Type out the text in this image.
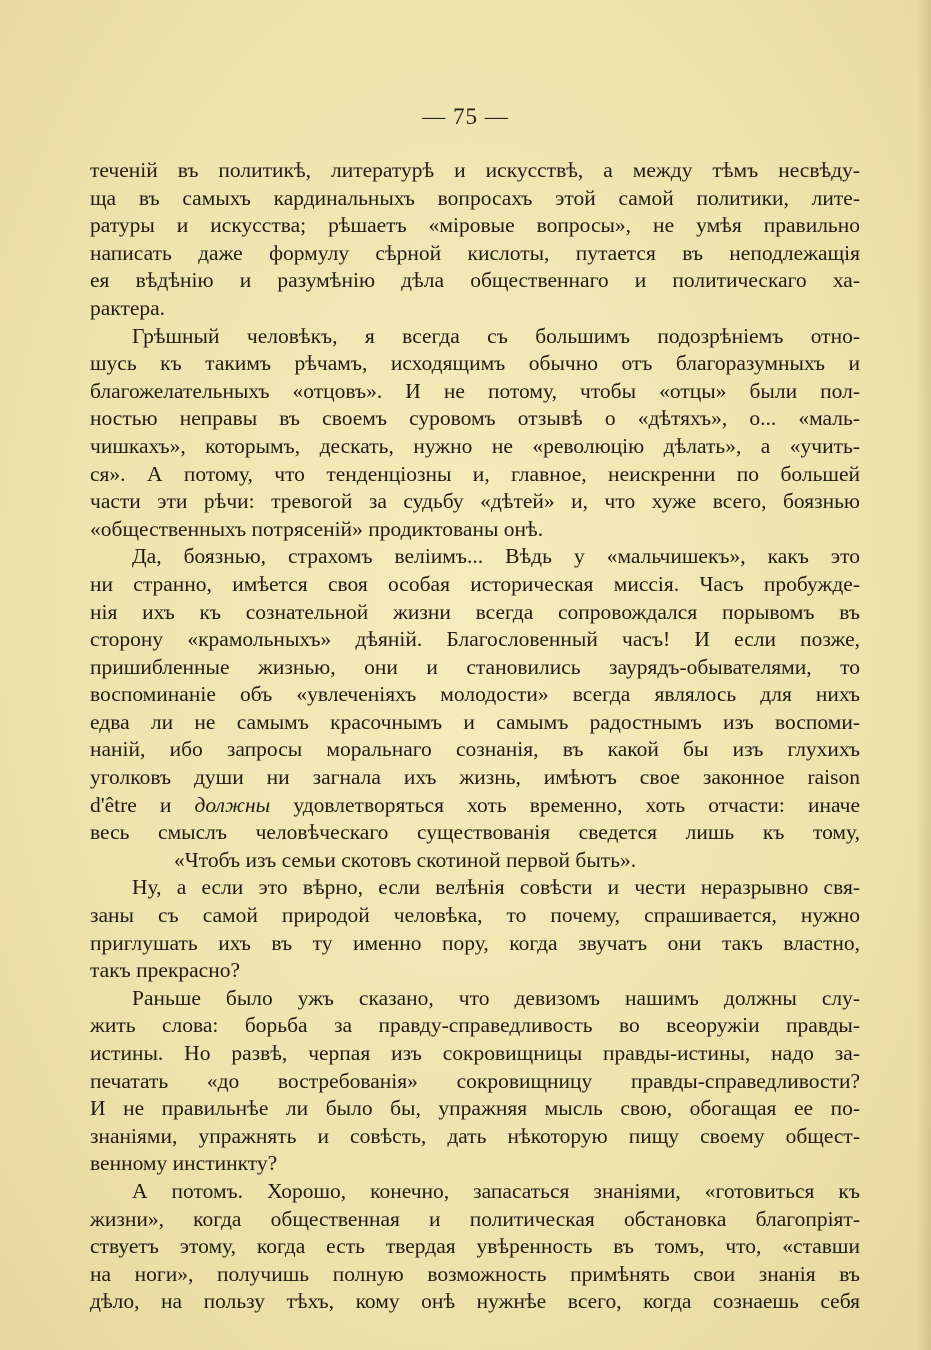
— 75 —
теченій въ политикѣ, литературѣ и искусствѣ, а между тѣмъ несвѣду-
ща въ самыхъ кардинальныхъ вопросахъ этой самой политики, лите-
ратуры и искусства; рѣшаетъ «міровые вопросы», не умѣя правильно
написать даже формулу сѣрной кислоты, путается въ неподлежащія
ея вѣдѣнію и разумѣнію дѣла общественнаго и политическаго ха-
рактера.
Грѣшный человѣкъ, я всегда съ большимъ подозрѣніемъ отно-
шусь къ такимъ рѣчамъ, исходящимъ обычно отъ благоразумныхъ и
благожелательныхъ «отцовъ». И не потому, чтобы «отцы» были пол-
ностью неправы въ своемъ суровомъ отзывѣ о «дѣтяхъ», о... «маль-
чишкахъ», которымъ, дескать, нужно не «революцію дѣлать», а «учить-
ся». А потому, что тенденціозны и, главное, неискренни по большей
части эти рѣчи: тревогой за судьбу «дѣтей» и, что хуже всего, боязнью
«общественныхъ потрясеній» продиктованы онѣ.
Да, боязнью, страхомъ веліимъ... Вѣдь у «мальчишекъ», какъ это
ни странно, имѣется своя особая историческая миссія. Часъ пробужде-
нія ихъ къ сознательной жизни всегда сопровождался порывомъ въ
сторону «крамольныхъ» дѣяній. Благословенный часъ! И если позже,
пришибленные жизнью, они и становились заурядъ-обывателями, то
воспоминаніе объ «увлеченіяхъ молодости» всегда являлось для нихъ
едва ли не самымъ красочнымъ и самымъ радостнымъ изъ воспоми-
наній, ибо запросы моральнаго сознанія, въ какой бы изъ глухихъ
уголковъ души ни загнала ихъ жизнь, имѣютъ свое законное raison
d'être и должны удовлетворяться хоть временно, хоть отчасти: иначе
весь смыслъ человѣческаго существованія сведется лишь къ тому,
«Чтобъ изъ семьи скотовъ скотиной первой быть».
Ну, а если это вѣрно, если велѣнія совѣсти и чести неразрывно свя-
заны съ самой природой человѣка, то почему, спрашивается, нужно
приглушать ихъ въ ту именно пору, когда звучатъ они такъ властно,
такъ прекрасно?
Раньше было ужъ сказано, что девизомъ нашимъ должны слу-
жить слова: борьба за правду-справедливость во всеоружіи правды-
истины. Но развѣ, черпая изъ сокровищницы правды-истины, надо за-
печатать «до востребованія» сокровищницу правды-справедливости?
И не правильнѣе ли было бы, упражняя мысль свою, обогащая ее по-
знаніями, упражнять и совѣсть, дать нѣкоторую пищу своему общест-
венному инстинкту?
А потомъ. Хорошо, конечно, запасаться знаніями, «готовиться къ
жизни», когда общественная и политическая обстановка благопріят-
ствуетъ этому, когда есть твердая увѣренность въ томъ, что, «ставши
на ноги», получишь полную возможность примѣнять свои знанія въ
дѣло, на пользу тѣхъ, кому онѣ нужнѣе всего, когда сознаешь себя
